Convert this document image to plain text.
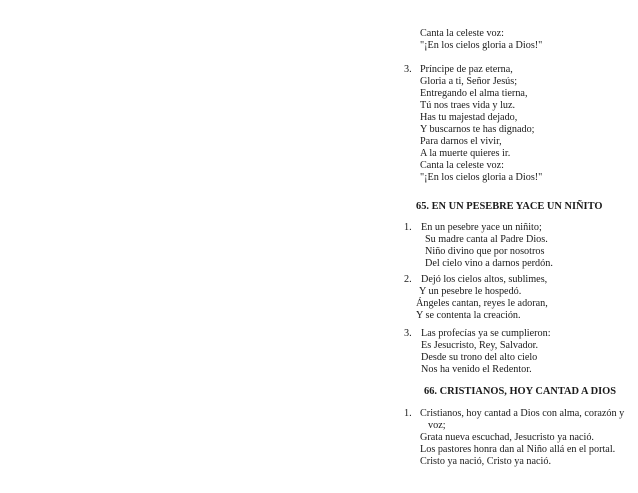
Canta la celeste voz:
"¡En los cielos gloria a Dios!"
3. Príncipe de paz eterna,
Gloria a ti, Señor Jesús;
Entregando el alma tierna,
Tú nos traes vida y luz.
Has tu majestad dejado,
Y buscarnos te has dignado;
Para darnos el vivir,
A la muerte quieres ir.
Canta la celeste voz:
"¡En los cielos gloria a Dios!"
65. EN UN PESEBRE YACE UN NIÑITO
1. En un pesebre yace un niñito;
Su madre canta al Padre Dios.
Niño divino que por nosotros
Del cielo vino a darnos perdón.
2. Dejó los cielos altos, sublimes,
Y un pesebre le hospedó.
Ángeles cantan, reyes le adoran,
Y se contenta la creación.
3. Las profecías ya se cumplieron:
Es Jesucristo, Rey, Salvador.
Desde su trono del alto cielo
Nos ha venido el Redentor.
66. CRISTIANOS, HOY CANTAD A DIOS
1. Cristianos, hoy cantad a Dios con alma, corazón y
voz;
Grata nueva escuchad, Jesucristo ya nació.
Los pastores honra dan al Niño allá en el portal.
Cristo ya nació, Cristo ya nació.
